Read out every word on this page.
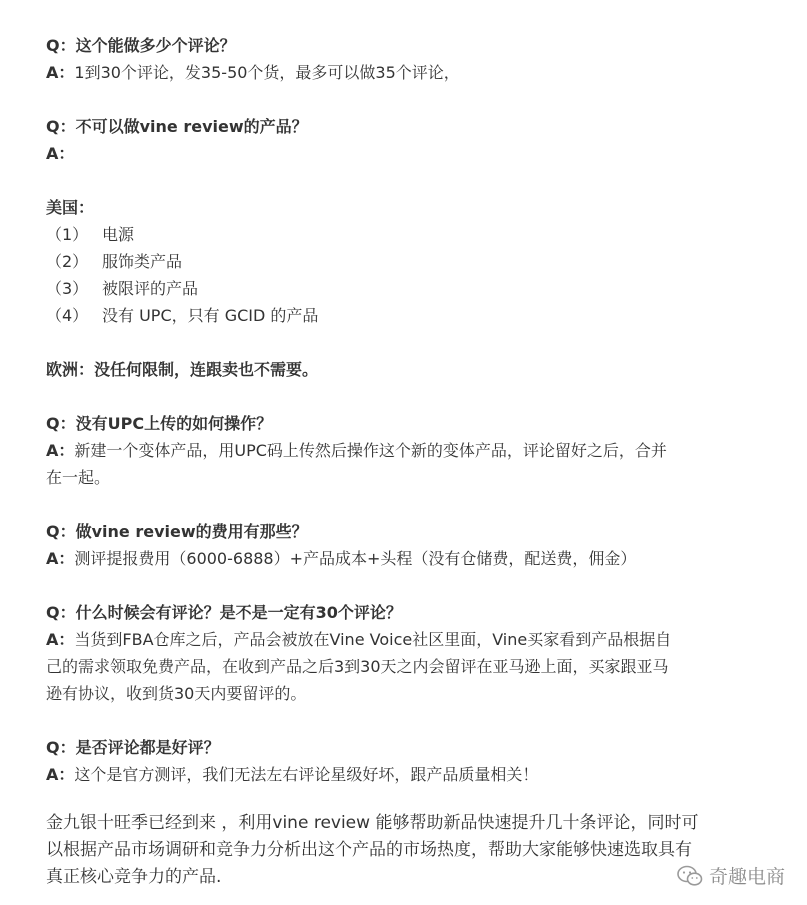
Q：这个能做多少个评论？
A：1到30个评论，发35-50个货，最多可以做35个评论，
Q：不可以做vine review的产品？
A：
美国：
（1） 电源
（2） 服饰类产品
（3） 被限评的产品
（4） 没有 UPC，只有 GCID 的产品
欧洲：没任何限制，连跟卖也不需要。
Q：没有UPC上传的如何操作？
A：新建一个变体产品，用UPC码上传然后操作这个新的变体产品，评论留好之后，合并
在一起。
Q：做vine review的费用有那些？
A：测评提报费用（6000-6888）+产品成本+头程（没有仓储费，配送费，佣金）
Q：什么时候会有评论？是不是一定有30个评论？
A：当货到FBA仓库之后，产品会被放在Vine Voice社区里面，Vine买家看到产品根据自
己的需求领取免费产品，在收到产品之后3到30天之内会留评在亚马逊上面，买家跟亚马
逊有协议，收到货30天内要留评的。
Q：是否评论都是好评？
A：这个是官方测评，我们无法左右评论星级好坏，跟产品质量相关！
金九银十旺季已经到来 ，利用vine review 能够帮助新品快速提升几十条评论，同时可
以根据产品市场调研和竞争力分析出这个产品的市场热度，帮助大家能够快速选取具有
真正核心竞争力的产品.	奇趣电商
